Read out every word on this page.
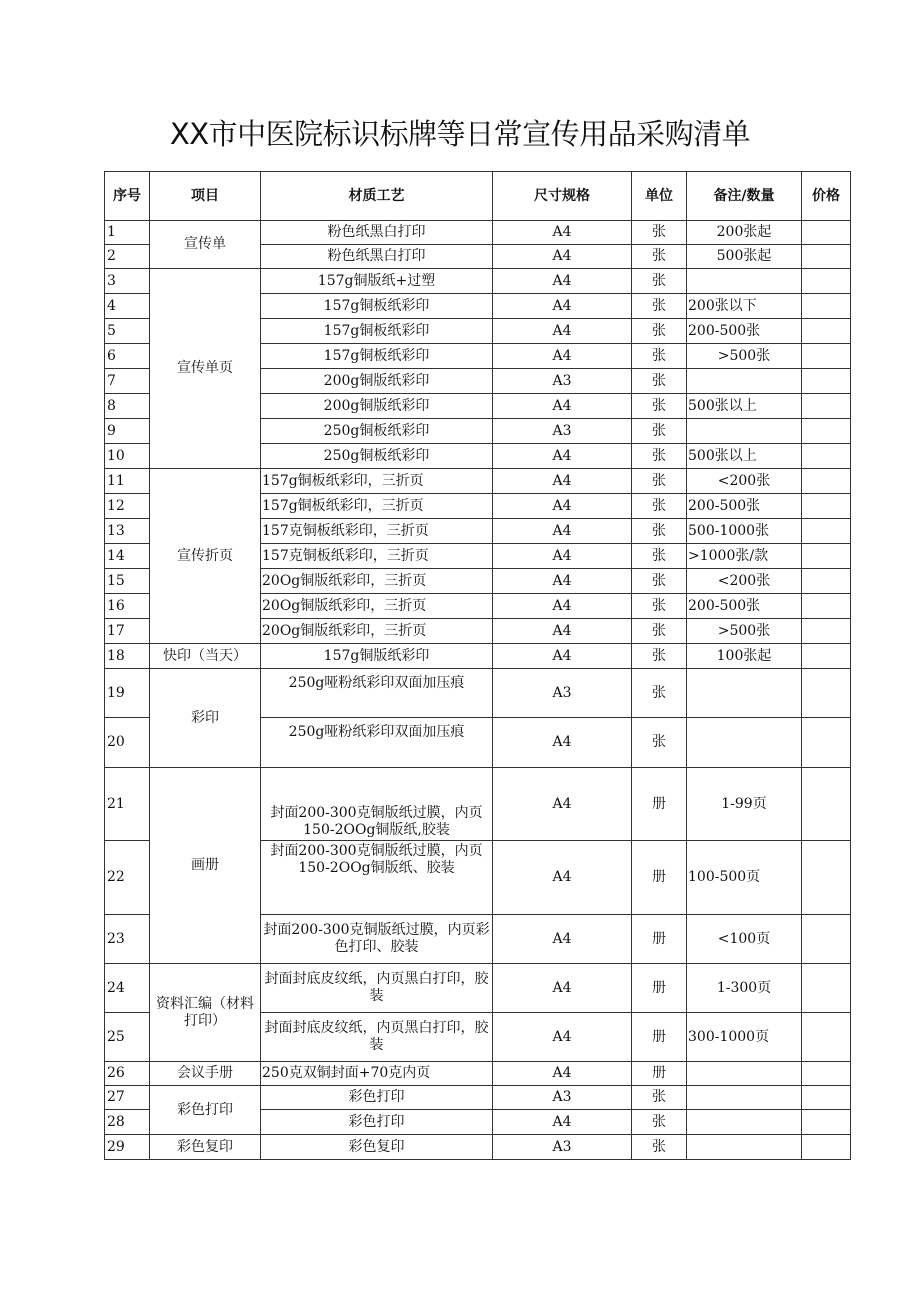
XX市中医院标识标牌等日常宣传用品采购清单
序号	项目	材质工艺	尺寸规格	单位	备注/数量	价格
1	宣传单	粉色纸黑白打印	A4	张	200张起	
2		粉色纸黑白打印	A4	张	500张起	
3	宣传单页	157g铜版纸+过塑	A4	张		
4		157g铜板纸彩印	A4	张	200张以下	
5		157g铜板纸彩印	A4	张	200-500张	
6		157g铜板纸彩印	A4	张	>500张	
7		200g铜版纸彩印	A3	张		
8		200g铜版纸彩印	A4	张	500张以上	
9		250g铜板纸彩印	A3	张		
10		250g铜板纸彩印	A4	张	500张以上	
11	宣传折页	157g铜板纸彩印，三折页	A4	张	<200张	
12		157g铜板纸彩印，三折页	A4	张	200-500张	
13		157克铜板纸彩印，三折页	A4	张	500-1000张	
14		157克铜板纸彩印，三折页	A4	张	>1000张/款	
15		20Og铜版纸彩印，三折页	A4	张	<200张	
16		20Og铜版纸彩印，三折页	A4	张	200-500张	
17		20Og铜版纸彩印，三折页	A4	张	>500张	
18	快印（当天）	157g铜版纸彩印	A4	张	100张起	
19	彩印	250g哑粉纸彩印双面加压痕	A3	张		
20		250g哑粉纸彩印双面加压痕	A4	张		
21	画册	封面200-300克铜版纸过膜，内页150-2OOg铜版纸,胶装	A4	册	1-99页	
22		封面200-300克铜版纸过膜，内页150-2OOg铜版纸、胶装	A4	册	100-500页	
23		封面200-300克铜版纸过膜，内页彩色打印、胶装	A4	册	<100页	
24	资料汇编（材料打印）	封面封底皮纹纸，内页黑白打印，胶装	A4	册	1-300页	
25		封面封底皮纹纸，内页黑白打印，胶装	A4	册	300-1000页	
26	会议手册	250克双铜封面+70克内页	A4	册		
27	彩色打印	彩色打印	A3	张		
28		彩色打印	A4	张		
29	彩色复印	彩色复印	A3	张		
